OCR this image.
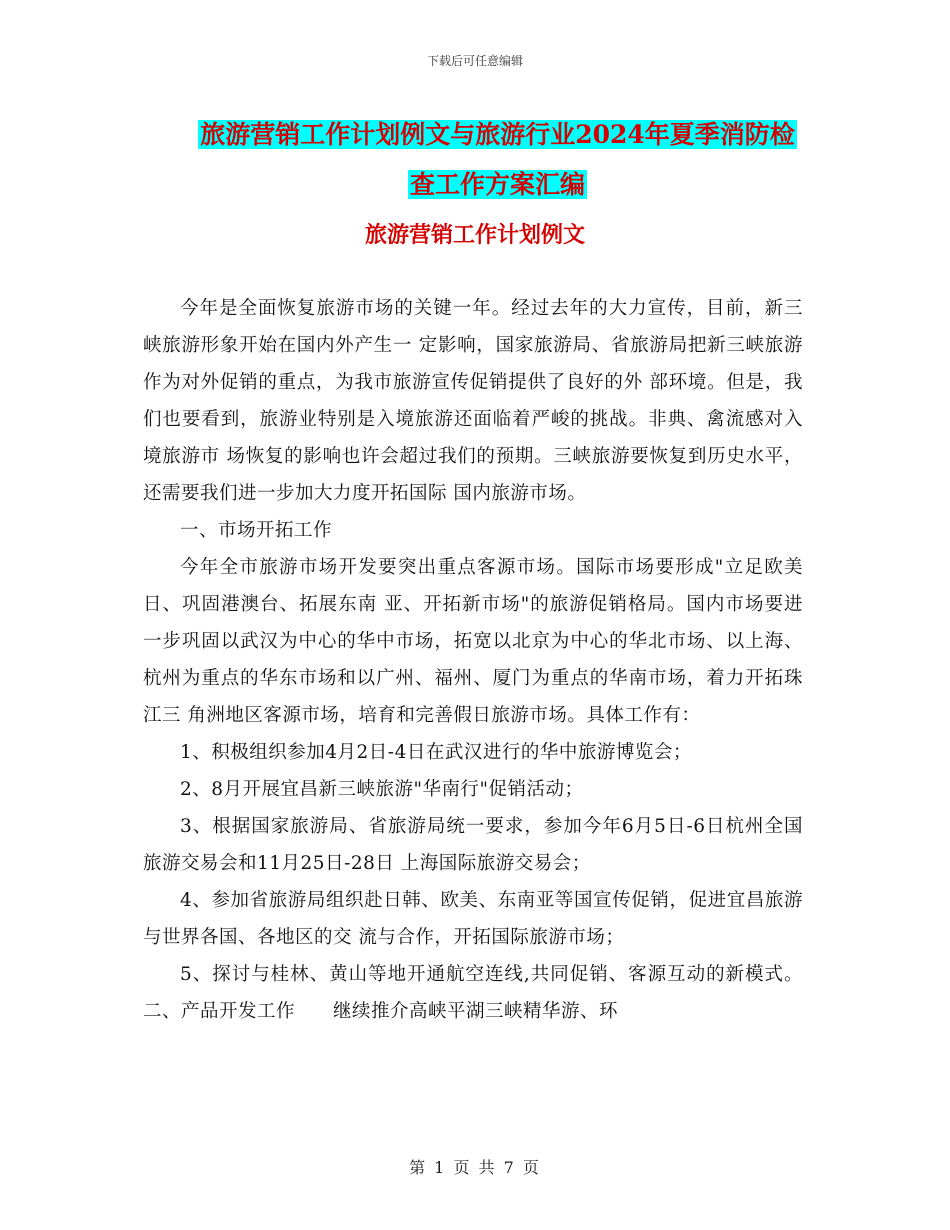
下载后可任意编辑
旅游营销工作计划例文与旅游行业2024年夏季消防检
查工作方案汇编
旅游营销工作计划例文

今年是全面恢复旅游市场的关键一年。经过去年的大力宣传，目前，新三峡旅游形象开始在国内外产生一 定影响，国家旅游局、省旅游局把新三峡旅游作为对外促销的重点，为我市旅游宣传促销提供了良好的外 部环境。但是，我们也要看到，旅游业特别是入境旅游还面临着严峻的挑战。非典、禽流感对入境旅游市 场恢复的影响也许会超过我们的预期。三峡旅游要恢复到历史水平，还需要我们进一步加大力度开拓国际 国内旅游市场。

一、市场开拓工作

今年全市旅游市场开发要突出重点客源市场。国际市场要形成"立足欧美日、巩固港澳台、拓展东南 亚、开拓新市场"的旅游促销格局。国内市场要进一步巩固以武汉为中心的华中市场，拓宽以北京为中心的华北市场、以上海、杭州为重点的华东市场和以广州、福州、厦门为重点的华南市场，着力开拓珠江三 角洲地区客源市场，培育和完善假日旅游市场。具体工作有：

1、积极组织参加4月2日-4日在武汉进行的华中旅游博览会；

2、8月开展宜昌新三峡旅游"华南行"促销活动；

3、根据国家旅游局、省旅游局统一要求，参加今年6月5日-6日杭州全国旅游交易会和11月25日-28日 上海国际旅游交易会；

4、参加省旅游局组织赴日韩、欧美、东南亚等国宣传促销，促进宜昌旅游与世界各国、各地区的交 流与合作，开拓国际旅游市场；

5、探讨与桂林、黄山等地开通航空连线,共同促销、客源互动的新模式。 二、产品开发工作　　继续推介高峡平湖三峡精华游、环

第 1 页 共 7 页
